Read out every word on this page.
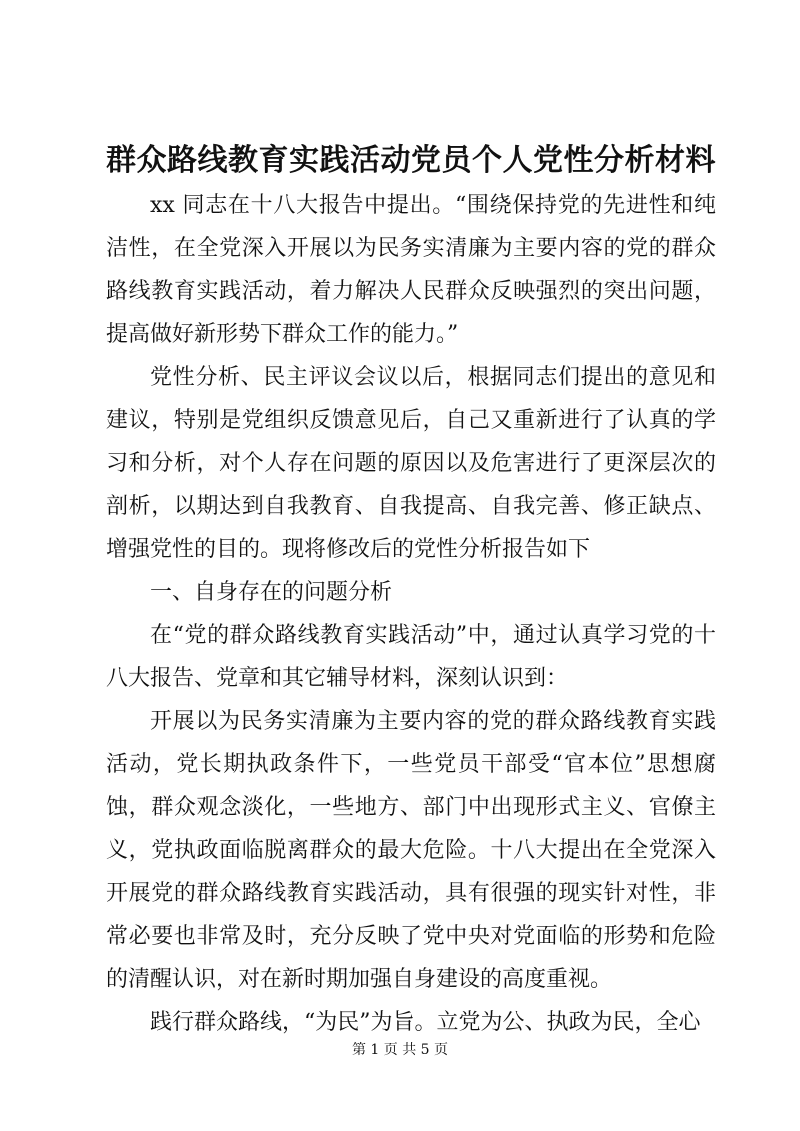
群众路线教育实践活动党员个人党性分析材料

xx 同志在十八大报告中提出。“围绕保持党的先进性和纯洁性，在全党深入开展以为民务实清廉为主要内容的党的群众路线教育实践活动，着力解决人民群众反映强烈的突出问题，提高做好新形势下群众工作的能力。”

党性分析、民主评议会议以后，根据同志们提出的意见和建议，特别是党组织反馈意见后，自己又重新进行了认真的学习和分析，对个人存在问题的原因以及危害进行了更深层次的剖析，以期达到自我教育、自我提高、自我完善、修正缺点、增强党性的目的。现将修改后的党性分析报告如下

一、自身存在的问题分析

在“党的群众路线教育实践活动”中，通过认真学习党的十八大报告、党章和其它辅导材料，深刻认识到：

开展以为民务实清廉为主要内容的党的群众路线教育实践活动，党长期执政条件下，一些党员干部受“官本位”思想腐蚀，群众观念淡化，一些地方、部门中出现形式主义、官僚主义，党执政面临脱离群众的最大危险。十八大提出在全党深入开展党的群众路线教育实践活动，具有很强的现实针对性，非常必要也非常及时，充分反映了党中央对党面临的形势和危险的清醒认识，对在新时期加强自身建设的高度重视。

践行群众路线，“为民”为旨。立党为公、执政为民，全心

第 1 页 共 5 页
